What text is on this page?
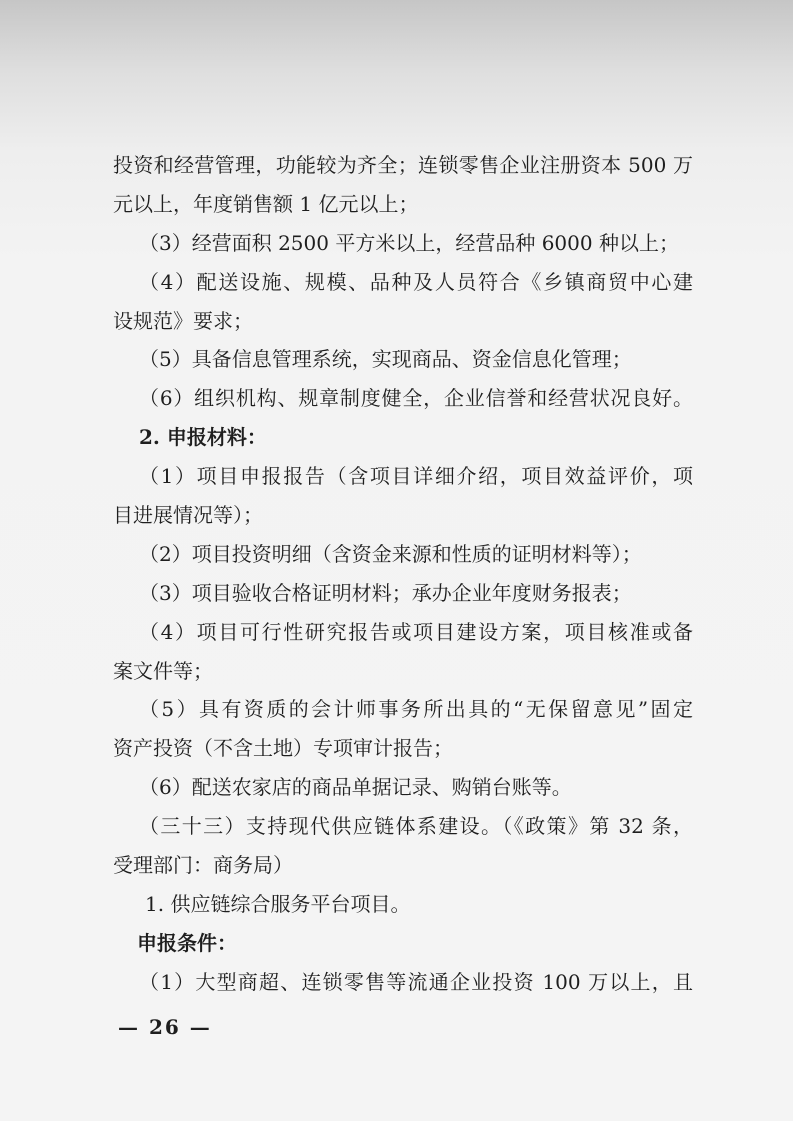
投资和经营管理，功能较为齐全；连锁零售企业注册资本 500 万
元以上，年度销售额 1 亿元以上；
（3）经营面积 2500 平方米以上，经营品种 6000 种以上；
（4）配送设施、规模、品种及人员符合《乡镇商贸中心建
设规范》要求；
（5）具备信息管理系统，实现商品、资金信息化管理；
（6）组织机构、规章制度健全，企业信誉和经营状况良好。
2. 申报材料：
（1）项目申报报告（含项目详细介绍，项目效益评价，项
目进展情况等）；
（2）项目投资明细（含资金来源和性质的证明材料等）；
（3）项目验收合格证明材料；承办企业年度财务报表；
（4）项目可行性研究报告或项目建设方案，项目核准或备
案文件等；
（5）具有资质的会计师事务所出具的“无保留意见”固定
资产投资（不含土地）专项审计报告；
（6）配送农家店的商品单据记录、购销台账等。
（三十三）支持现代供应链体系建设。（《政策》第 32 条，
受理部门：商务局）
1. 供应链综合服务平台项目。
申报条件：
（1）大型商超、连锁零售等流通企业投资 100 万以上，且
— 26 —
